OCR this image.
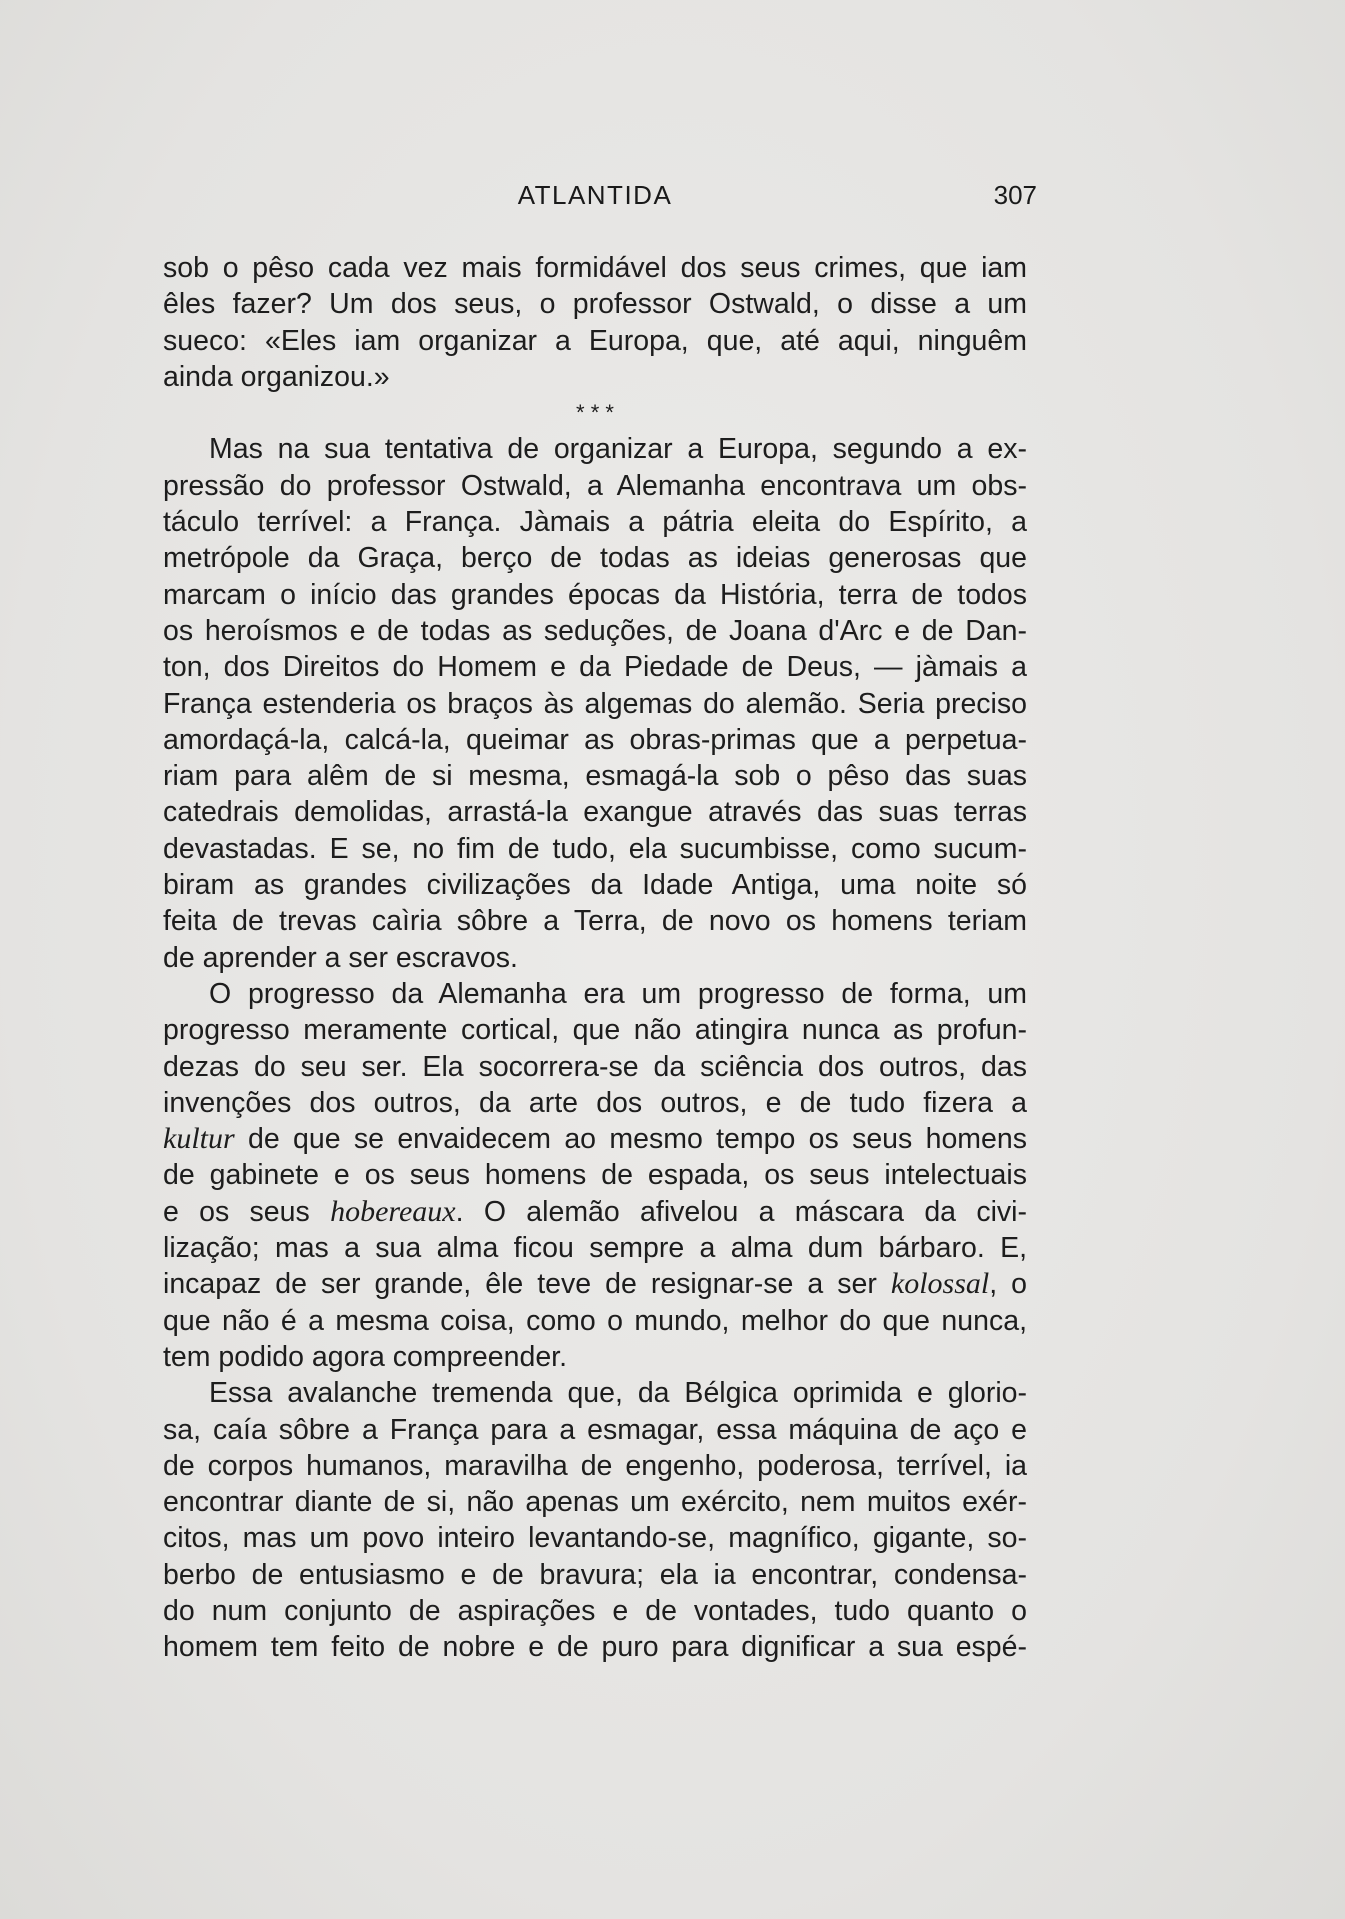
ATLANTIDA	307
sob o pêso cada vez mais formidável dos seus crimes, que iam
êles fazer? Um dos seus, o professor Ostwald, o disse a um
sueco: «Eles iam organizar a Europa, que, até aqui, ninguêm
ainda organizou.»
* * *
Mas na sua tentativa de organizar a Europa, segundo a ex-
pressão do professor Ostwald, a Alemanha encontrava um obs-
táculo terrível: a França. Jàmais a pátria eleita do Espírito, a
metrópole da Graça, berço de todas as ideias generosas que
marcam o início das grandes épocas da História, terra de todos
os heroísmos e de todas as seduções, de Joana d'Arc e de Dan-
ton, dos Direitos do Homem e da Piedade de Deus, — jàmais a
França estenderia os braços às algemas do alemão. Seria preciso
amordaçá-la, calcá-la, queimar as obras-primas que a perpetua-
riam para alêm de si mesma, esmagá-la sob o pêso das suas
catedrais demolidas, arrastá-la exangue através das suas terras
devastadas. E se, no fim de tudo, ela sucumbisse, como sucum-
biram as grandes civilizações da Idade Antiga, uma noite só
feita de trevas caìria sôbre a Terra, de novo os homens teriam
de aprender a ser escravos.
O progresso da Alemanha era um progresso de forma, um
progresso meramente cortical, que não atingira nunca as profun-
dezas do seu ser. Ela socorrera-se da sciência dos outros, das
invenções dos outros, da arte dos outros, e de tudo fizera a
kultur de que se envaidecem ao mesmo tempo os seus homens
de gabinete e os seus homens de espada, os seus intelectuais
e os seus hobereaux. O alemão afivelou a máscara da civi-
lização; mas a sua alma ficou sempre a alma dum bárbaro. E,
incapaz de ser grande, êle teve de resignar-se a ser kolossal, o
que não é a mesma coisa, como o mundo, melhor do que nunca,
tem podido agora compreender.
Essa avalanche tremenda que, da Bélgica oprimida e glorio-
sa, caía sôbre a França para a esmagar, essa máquina de aço e
de corpos humanos, maravilha de engenho, poderosa, terrível, ia
encontrar diante de si, não apenas um exército, nem muitos exér-
citos, mas um povo inteiro levantando-se, magnífico, gigante, so-
berbo de entusiasmo e de bravura; ela ia encontrar, condensa-
do num conjunto de aspirações e de vontades, tudo quanto o
homem tem feito de nobre e de puro para dignificar a sua espé-
